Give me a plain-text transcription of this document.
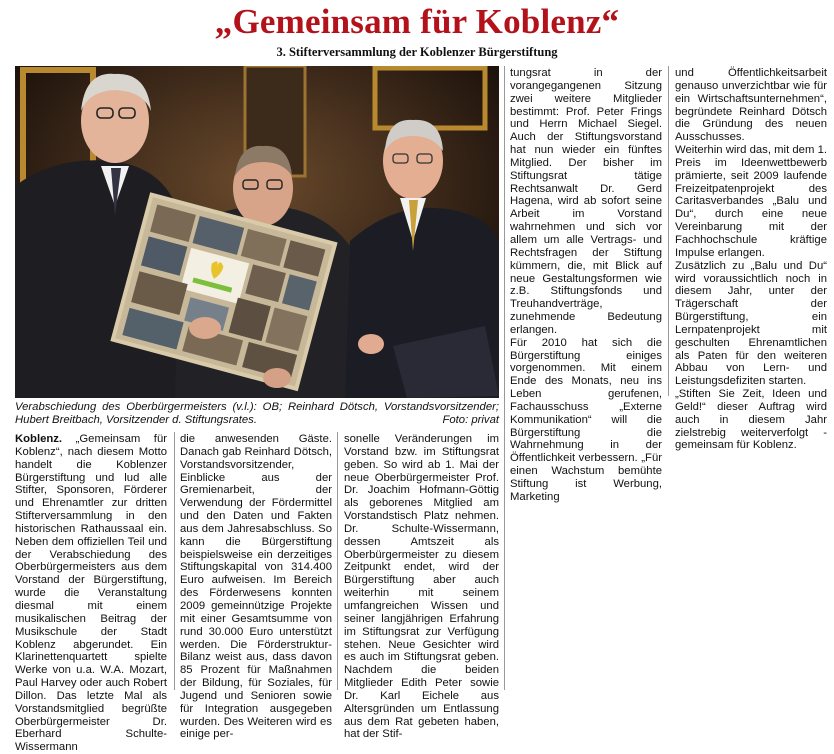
„Gemeinsam für Koblenz“
3. Stifterversammlung der Koblenzer Bürgerstiftung
Verabschiedung des Oberbürgermeisters (v.l.): OB; Reinhard Dötsch, Vorstandsvorsitzender; Hubert Breitbach, Vorsitzender d. Stiftungsrates.	Foto: privat

Koblenz. „Gemeinsam für Koblenz“, nach diesem Motto handelt die Koblenzer Bürgerstiftung und lud alle Stifter, Sponsoren, Förderer und Ehrenamtler zur dritten Stifterversammlung in den historischen Rathaussaal ein. Neben dem offiziellen Teil und der Verabschiedung des Oberbürgermeisters aus dem Vorstand der Bürgerstiftung, wurde die Veranstaltung diesmal mit einem musikalischen Beitrag der Musikschule der Stadt Koblenz abgerundet. Ein Klarinettenquartett spielte Werke von u.a. W.A. Mozart, Paul Harvey oder auch Robert Dillon. Das letzte Mal als Vorstandsmitglied begrüßte Oberbürgermeister Dr. Eberhard Schulte-Wissermann

die anwesenden Gäste. Danach gab Reinhard Dötsch, Vorstandsvorsitzender, Einblicke aus der Gremienarbeit, der Verwendung der Fördermittel und den Daten und Fakten aus dem Jahresabschluss. So kann die Bürgerstiftung beispielsweise ein derzeitiges Stiftungskapital von 314.400 Euro aufweisen. Im Bereich des Förderwesens konnten 2009 gemeinnützige Projekte mit einer Gesamtsumme von rund 30.000 Euro unterstützt werden. Die Förderstruktur-Bilanz weist aus, dass davon 85 Prozent für Maßnahmen der Bildung, für Soziales, für Jugend und Senioren sowie für Integration ausgegeben wurden. Des Weiteren wird es einige per-

sonelle Veränderungen im Vorstand bzw. im Stiftungsrat geben. So wird ab 1. Mai der neue Oberbürgermeister Prof. Dr. Joachim Hofmann-Göttig als geborenes Mitglied am Vorstandstisch Platz nehmen. Dr. Schulte-Wissermann, dessen Amtszeit als Oberbürgermeister zu diesem Zeitpunkt endet, wird der Bürgerstiftung aber auch weiterhin mit seinem umfangreichen Wissen und seiner langjährigen Erfahrung im Stiftungsrat zur Verfügung stehen. Neue Gesichter wird es auch im Stiftungsrat geben. Nachdem die beiden Mitglieder Edith Peter sowie Dr. Karl Eichele aus Altersgründen um Entlassung aus dem Rat gebeten haben, hat der Stif-

tungsrat in der vorangegangenen Sitzung zwei weitere Mitglieder bestimmt: Prof. Peter Frings und Herrn Michael Siegel. Auch der Stiftungsvorstand hat nun wieder ein fünftes Mitglied. Der bisher im Stiftungsrat tätige Rechtsanwalt Dr. Gerd Hagena, wird ab sofort seine Arbeit im Vorstand wahrnehmen und sich vor allem um alle Vertrags- und Rechtsfragen der Stiftung kümmern, die, mit Blick auf neue Gestaltungsformen wie z.B. Stiftungsfonds und Treuhandverträge, zunehmende Bedeutung erlangen.

Für 2010 hat sich die Bürgerstiftung einiges vorgenommen. Mit einem Ende des Monats, neu ins Leben gerufenen, Fachausschuss „Externe Kommunikation“ will die Bürgerstiftung die Wahrnehmung in der Öffentlichkeit verbessern. „Für einen Wachstum bemühte Stiftung ist Werbung, Marketing

und Öffentlichkeitsarbeit genauso unverzichtbar wie für ein Wirtschaftsunternehmen“, begründete Reinhard Dötsch die Gründung des neuen Ausschusses.

Weiterhin wird das, mit dem 1. Preis im Ideenwettbewerb prämierte, seit 2009 laufende Freizeitpatenprojekt des Caritasverbandes „Balu und Du“, durch eine neue Vereinbarung mit der Fachhochschule kräftige Impulse erlangen.

Zusätzlich zu „Balu und Du“ wird voraussichtlich noch in diesem Jahr, unter der Trägerschaft der Bürgerstiftung, ein Lernpatenprojekt mit geschulten Ehrenamtlichen als Paten für den weiteren Abbau von Lern- und Leistungsdefiziten starten.

„Stiften Sie Zeit, Ideen und Geld!“ dieser Auftrag wird auch in diesem Jahr zielstrebig weiterverfolgt - gemeinsam für Koblenz.
